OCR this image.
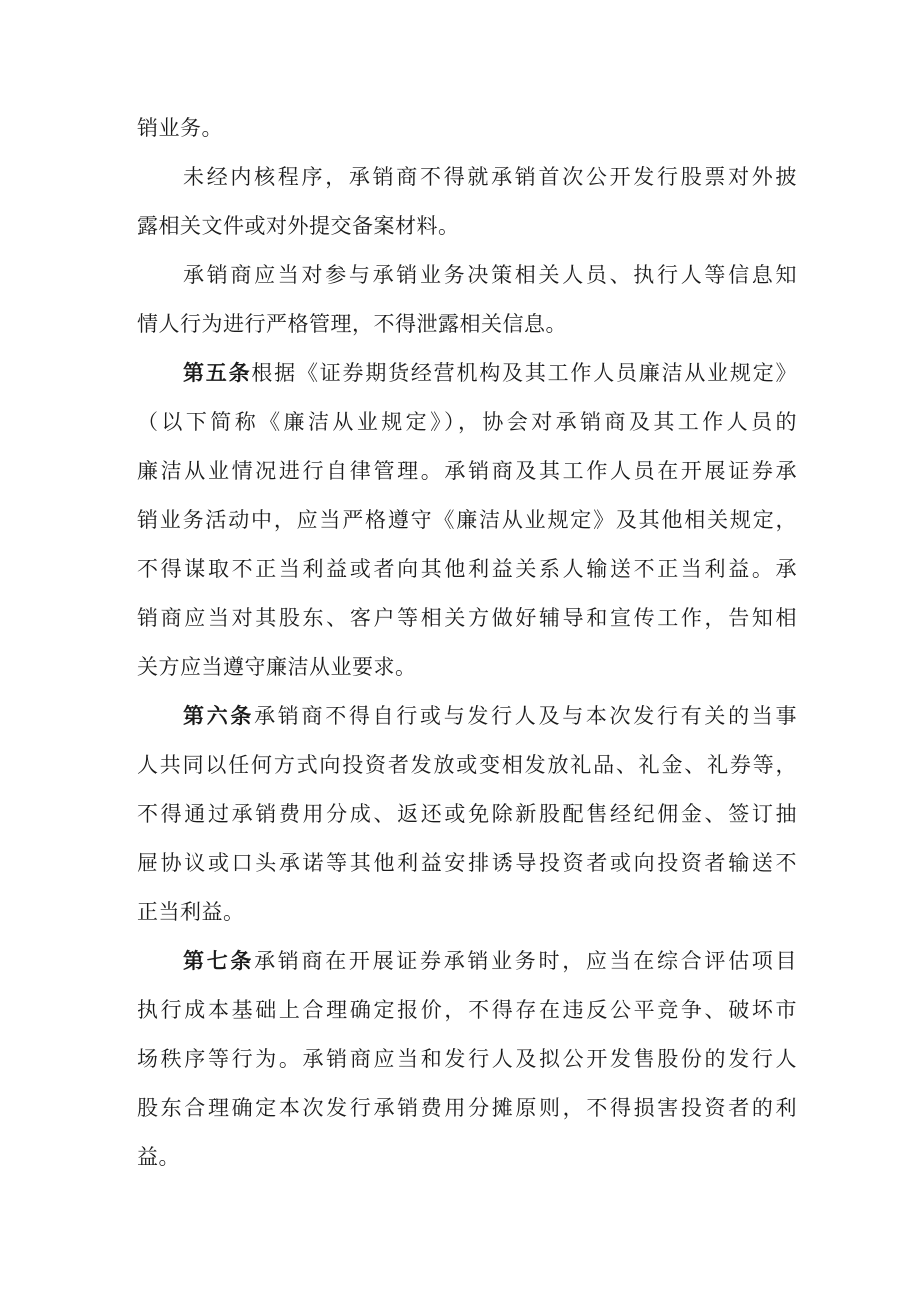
销业务。
未经内核程序，承销商不得就承销首次公开发行股票对外披
露相关文件或对外提交备案材料。
承销商应当对参与承销业务决策相关人员、执行人等信息知
情人行为进行严格管理，不得泄露相关信息。
第五条根据《证券期货经营机构及其工作人员廉洁从业规定》
（以下简称《廉洁从业规定》），协会对承销商及其工作人员的
廉洁从业情况进行自律管理。承销商及其工作人员在开展证券承
销业务活动中，应当严格遵守《廉洁从业规定》及其他相关规定，
不得谋取不正当利益或者向其他利益关系人输送不正当利益。承
销商应当对其股东、客户等相关方做好辅导和宣传工作，告知相
关方应当遵守廉洁从业要求。
第六条承销商不得自行或与发行人及与本次发行有关的当事
人共同以任何方式向投资者发放或变相发放礼品、礼金、礼券等，
不得通过承销费用分成、返还或免除新股配售经纪佣金、签订抽
屉协议或口头承诺等其他利益安排诱导投资者或向投资者输送不
正当利益。
第七条承销商在开展证券承销业务时，应当在综合评估项目
执行成本基础上合理确定报价，不得存在违反公平竞争、破坏市
场秩序等行为。承销商应当和发行人及拟公开发售股份的发行人
股东合理确定本次发行承销费用分摊原则，不得损害投资者的利
益。
